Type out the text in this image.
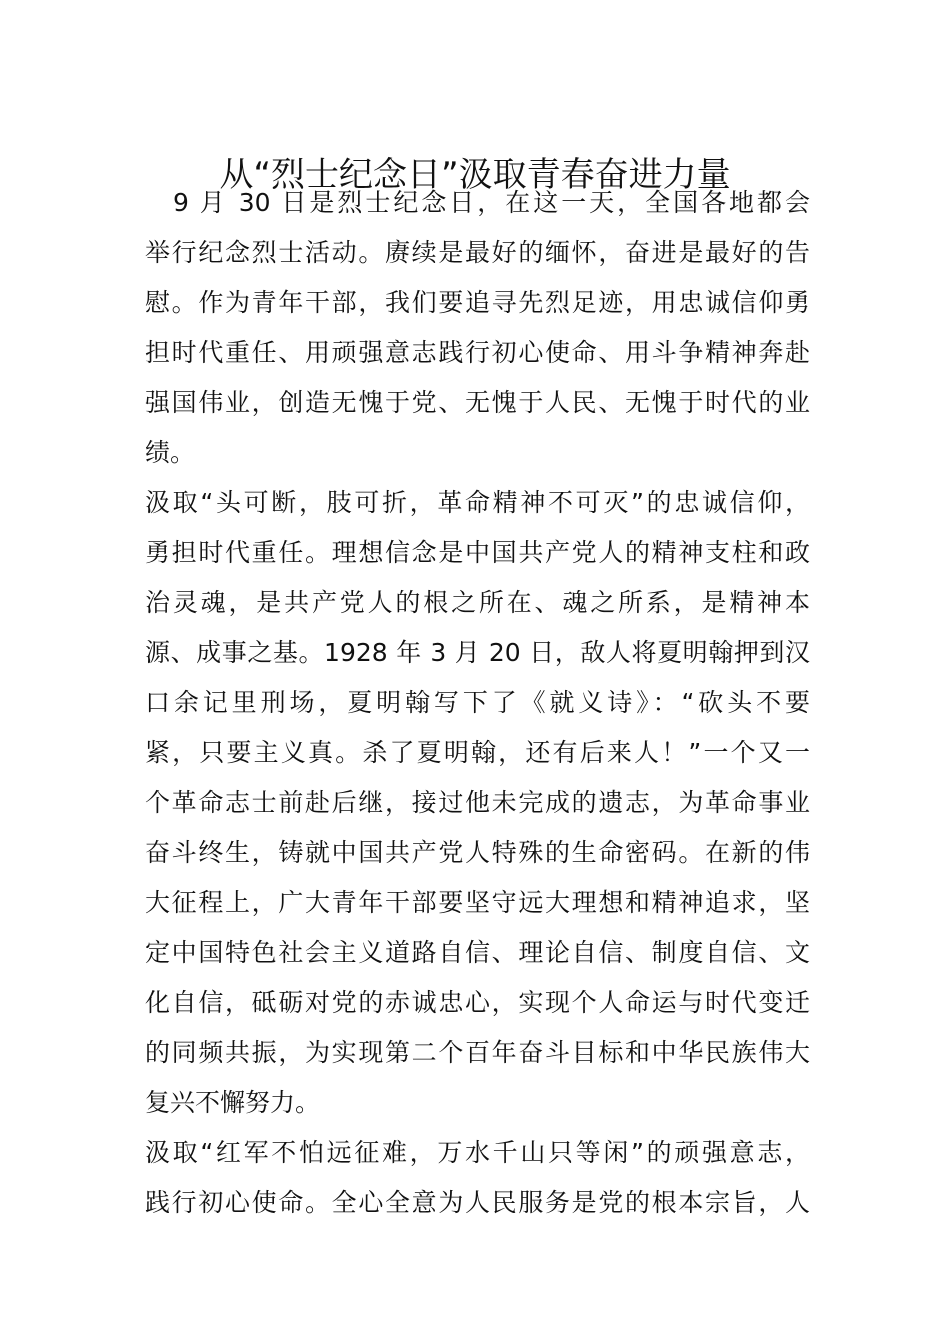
从“烈士纪念日”汲取青春奋进力量
　9 月 30 日是烈士纪念日，在这一天，全国各地都会
举行纪念烈士活动。赓续是最好的缅怀，奋进是最好的告
慰。作为青年干部，我们要追寻先烈足迹，用忠诚信仰勇
担时代重任、用顽强意志践行初心使命、用斗争精神奔赴
强国伟业，创造无愧于党、无愧于人民、无愧于时代的业
绩。
汲取“头可断，肢可折，革命精神不可灭”的忠诚信仰，
勇担时代重任。理想信念是中国共产党人的精神支柱和政
治灵魂，是共产党人的根之所在、魂之所系，是精神本
源、成事之基。1928 年 3 月 20 日，敌人将夏明翰押到汉
口余记里刑场，夏明翰写下了《就义诗》：“砍头不要
紧，只要主义真。杀了夏明翰，还有后来人！”一个又一
个革命志士前赴后继，接过他未完成的遗志，为革命事业
奋斗终生，铸就中国共产党人特殊的生命密码。在新的伟
大征程上，广大青年干部要坚守远大理想和精神追求，坚
定中国特色社会主义道路自信、理论自信、制度自信、文
化自信，砥砺对党的赤诚忠心，实现个人命运与时代变迁
的同频共振，为实现第二个百年奋斗目标和中华民族伟大
复兴不懈努力。
汲取“红军不怕远征难，万水千山只等闲”的顽强意志，
践行初心使命。全心全意为人民服务是党的根本宗旨，人
